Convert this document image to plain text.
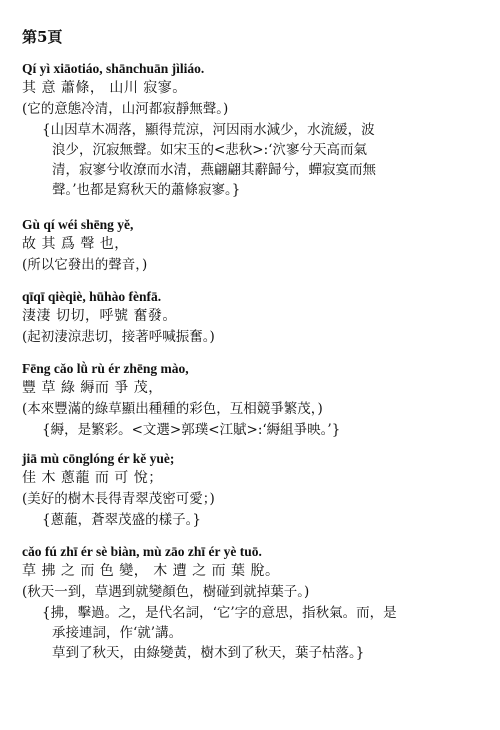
第5頁
Qí yì xiāotiáo, shānchuān jìliáo.
其 意 蕭條， 山川 寂寥。
(它的意態冷清，山河都寂靜無聲。)

{山因草木凋落，顯得荒涼，河因雨水減少，水流緩，波

浪少，沉寂無聲。如宋玉的<悲秋>:‘泬寥兮天高而氣

清，寂寥兮收潦而水清，燕翩翩其辭歸兮，蟬寂寞而無

聲。’也都是寫秋天的蕭條寂寥。}

Gù qí wéi shēng yě,
故 其 爲 聲 也，
(所以它發出的聲音，)
qīqī qièqiè, hūhào fènfā.
淒淒 切切，呼號 奮發。
(起初淒涼悲切，接著呼喊振奮。)
Fēng cǎo lǜ rù ér zhēng mào,
豐 草 綠 縟而 爭 茂，
(本來豐滿的綠草顯出種種的彩色，互相競爭繁茂，)

{縟，是繁彩。<文選>郭璞<江賦>:‘縟組爭映。’}

jiā mù cōnglóng ér kě yuè;
佳 木 蔥蘢 而 可 悅；
(美好的樹木長得青翠茂密可愛；)

{蔥蘢，蒼翠茂盛的樣子。}

cǎo fú zhī ér sè biàn, mù zāo zhī ér yè tuō.
草 拂 之 而 色 變， 木 遭 之 而 葉 脫。
(秋天一到，草遇到就變顏色，樹碰到就掉葉子。)

{拂，擊過。之，是代名詞，‘它’字的意思，指秋氣。而，是

承接連詞，作‘就’講。

草到了秋天，由綠變黃，樹木到了秋天，葉子枯落。}
